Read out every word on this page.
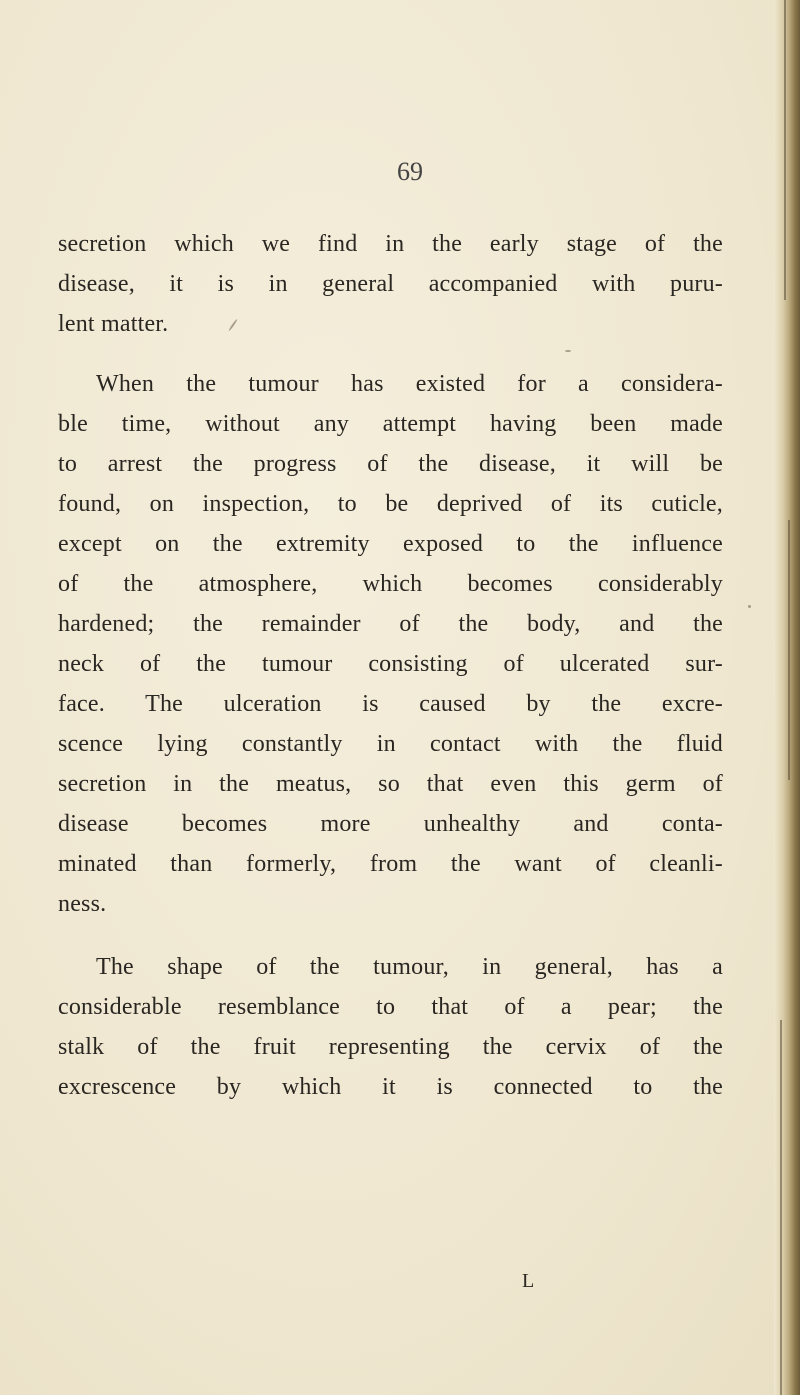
69
secretion which we find in the early stage of the
disease, it is in general accompanied with puru-
lent matter.
When the tumour has existed for a considera-
ble time, without any attempt having been made
to arrest the progress of the disease, it will be
found, on inspection, to be deprived of its cuticle,
except on the extremity exposed to the influence
of the atmosphere, which becomes considerably
hardened; the remainder of the body, and the
neck of the tumour consisting of ulcerated sur-
face. The ulceration is caused by the excre-
scence lying constantly in contact with the fluid
secretion in the meatus, so that even this germ of
disease becomes more unhealthy and conta-
minated than formerly, from the want of cleanli-
ness.
The shape of the tumour, in general, has a
considerable resemblance to that of a pear; the
stalk of the fruit representing the cervix of the
excrescence by which it is connected to the
L
